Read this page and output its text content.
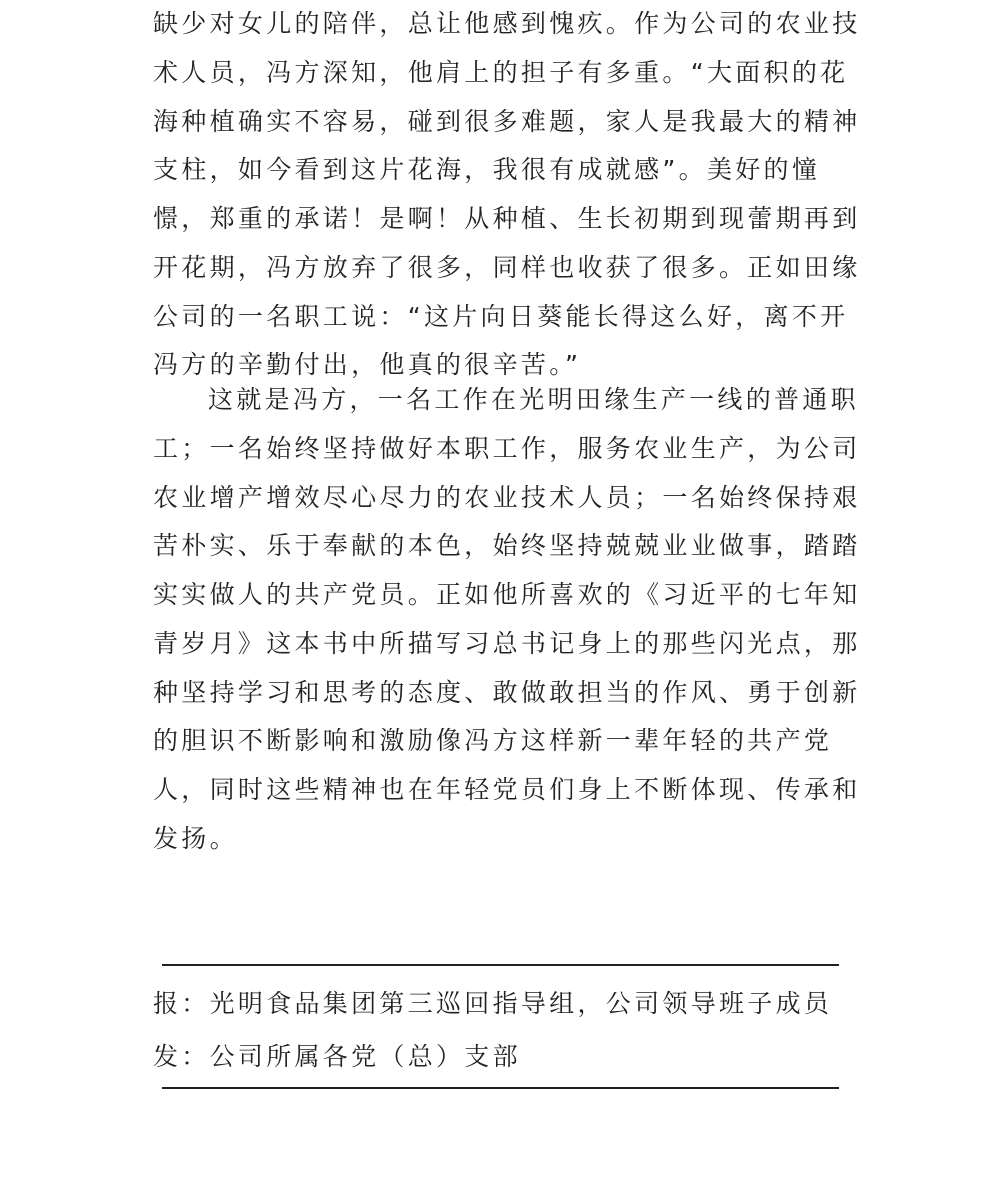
缺少对女儿的陪伴，总让他感到愧疚。作为公司的农业技术人员，冯方深知，他肩上的担子有多重。“大面积的花海种植确实不容易，碰到很多难题，家人是我最大的精神支柱，如今看到这片花海，我很有成就感”。美好的憧憬，郑重的承诺！是啊！从种植、生长初期到现蕾期再到开花期，冯方放弃了很多，同样也收获了很多。正如田缘公司的一名职工说：“这片向日葵能长得这么好，离不开冯方的辛勤付出，他真的很辛苦。”
这就是冯方，一名工作在光明田缘生产一线的普通职工；一名始终坚持做好本职工作，服务农业生产，为公司农业增产增效尽心尽力的农业技术人员；一名始终保持艰苦朴实、乐于奉献的本色，始终坚持兢兢业业做事，踏踏实实做人的共产党员。正如他所喜欢的《习近平的七年知青岁月》这本书中所描写习总书记身上的那些闪光点，那种坚持学习和思考的态度、敢做敢担当的作风、勇于创新的胆识不断影响和激励像冯方这样新一辈年轻的共产党人，同时这些精神也在年轻党员们身上不断体现、传承和发扬。
报：光明食品集团第三巡回指导组，公司领导班子成员
发：公司所属各党（总）支部
